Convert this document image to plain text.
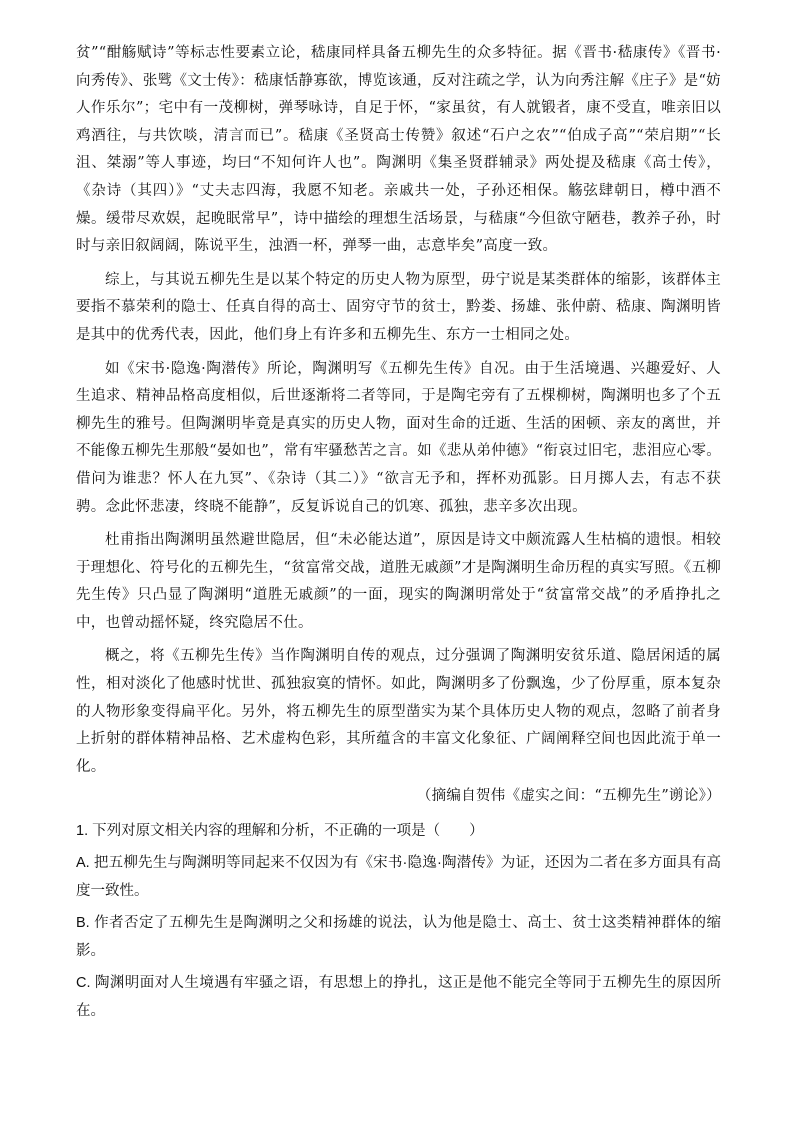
贫”“酣觞赋诗”等标志性要素立论，嵇康同样具备五柳先生的众多特征。据《晋书·嵇康传》《晋书·向秀传》、张骘《文士传》：嵇康恬静寡欲，博览该通，反对注疏之学，认为向秀注解《庄子》是“妨人作乐尔”；宅中有一茂柳树，弹琴咏诗，自足于怀，“家虽贫，有人就锻者，康不受直，唯亲旧以鸡酒往，与共饮啖，清言而已”。嵇康《圣贤高士传赞》叙述“石户之农”“伯成子高”“荣启期”“长沮、桀溺”等人事迹，均曰“不知何许人也”。陶渊明《集圣贤群辅录》两处提及嵇康《高士传》，《杂诗（其四）》“丈夫志四海，我愿不知老。亲戚共一处，子孙还相保。觞弦肆朝日，樽中酒不燥。缓带尽欢娱，起晚眠常早”，诗中描绘的理想生活场景，与嵇康“今但欲守陋巷，教养子孙，时时与亲旧叙阔阔，陈说平生，浊酒一杯，弹琴一曲，志意毕矣”高度一致。

综上，与其说五柳先生是以某个特定的历史人物为原型，毋宁说是某类群体的缩影，该群体主要指不慕荣利的隐士、任真自得的高士、固穷守节的贫士，黔娄、扬雄、张仲蔚、嵇康、陶渊明皆是其中的优秀代表，因此，他们身上有许多和五柳先生、东方一士相同之处。

如《宋书·隐逸·陶潜传》所论，陶渊明写《五柳先生传》自况。由于生活境遇、兴趣爱好、人生追求、精神品格高度相似，后世逐渐将二者等同，于是陶宅旁有了五棵柳树，陶渊明也多了个五柳先生的雅号。但陶渊明毕竟是真实的历史人物，面对生命的迁逝、生活的困顿、亲友的离世，并不能像五柳先生那般“晏如也”，常有牢骚愁苦之言。如《悲从弟仲德》“衔哀过旧宅，悲泪应心零。借问为谁悲？怀人在九冥”、《杂诗（其二）》“欲言无予和，挥杯劝孤影。日月掷人去，有志不获骋。念此怀悲凄，终晓不能静”，反复诉说自己的饥寒、孤独，悲辛多次出现。

杜甫指出陶渊明虽然避世隐居，但“未必能达道”，原因是诗文中颇流露人生枯槁的遗恨。相较于理想化、符号化的五柳先生，“贫富常交战，道胜无戚颜”才是陶渊明生命历程的真实写照。《五柳先生传》只凸显了陶渊明“道胜无戚颜”的一面，现实的陶渊明常处于“贫富常交战”的矛盾挣扎之中，也曾动摇怀疑，终究隐居不仕。

概之，将《五柳先生传》当作陶渊明自传的观点，过分强调了陶渊明安贫乐道、隐居闲适的属性，相对淡化了他感时忧世、孤独寂寞的情怀。如此，陶渊明多了份飘逸，少了份厚重，原本复杂的人物形象变得扁平化。另外，将五柳先生的原型凿实为某个具体历史人物的观点，忽略了前者身上折射的群体精神品格、艺术虚构色彩，其所蕴含的丰富文化象征、广阔阐释空间也因此流于单一化。

（摘编自贺伟《虚实之间：“五柳先生”谫论》）

1. 下列对原文相关内容的理解和分析，不正确的一项是（　　）

A. 把五柳先生与陶渊明等同起来不仅因为有《宋书·隐逸·陶潜传》为证，还因为二者在多方面具有高度一致性。

B. 作者否定了五柳先生是陶渊明之父和扬雄的说法，认为他是隐士、高士、贫士这类精神群体的缩影。

C. 陶渊明面对人生境遇有牢骚之语，有思想上的挣扎，这正是他不能完全等同于五柳先生的原因所在。
